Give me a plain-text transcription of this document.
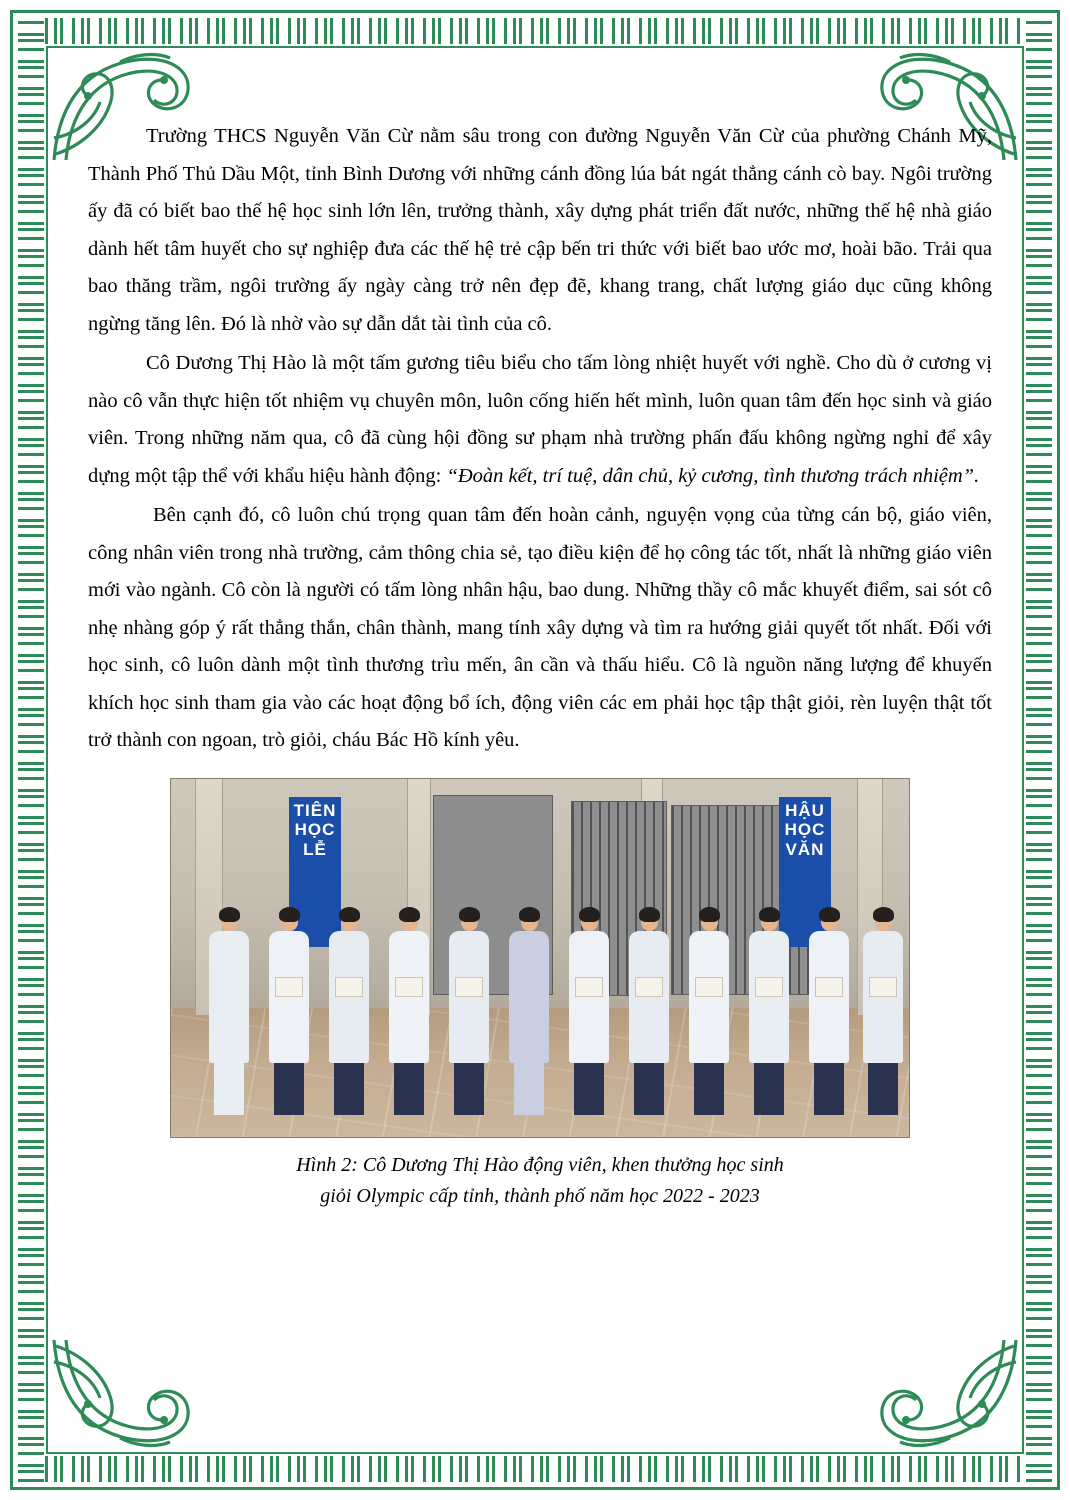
Trường THCS Nguyễn Văn Cừ nằm sâu trong con đường Nguyễn Văn Cừ của phường Chánh Mỹ, Thành Phố Thủ Dầu Một, tỉnh Bình Dương với những cánh đồng lúa bát ngát thẳng cánh cò bay. Ngôi trường ấy đã có biết bao thế hệ học sinh lớn lên, trưởng thành, xây dựng phát triển đất nước, những thế hệ nhà giáo dành hết tâm huyết cho sự nghiệp đưa các thế hệ trẻ cập bến tri thức với biết bao ước mơ, hoài bão. Trải qua bao thăng trầm, ngôi trường ấy ngày càng trở nên đẹp đẽ, khang trang, chất lượng giáo dục cũng không ngừng tăng lên. Đó là nhờ vào sự dẫn dắt tài tình của cô.

Cô Dương Thị Hào là một tấm gương tiêu biểu cho tấm lòng nhiệt huyết với nghề. Cho dù ở cương vị nào cô vẫn thực hiện tốt nhiệm vụ chuyên môn, luôn cống hiến hết mình, luôn quan tâm đến học sinh và giáo viên. Trong những năm qua, cô đã cùng hội đồng sư phạm nhà trường phấn đấu không ngừng nghỉ để xây dựng một tập thể với khẩu hiệu hành động: “Đoàn kết, trí tuệ, dân chủ, kỷ cương, tình thương trách nhiệm”.

Bên cạnh đó, cô luôn chú trọng quan tâm đến hoàn cảnh, nguyện vọng của từng cán bộ, giáo viên, công nhân viên trong nhà trường, cảm thông chia sẻ, tạo điều kiện để họ công tác tốt, nhất là những giáo viên mới vào ngành. Cô còn là người có tấm lòng nhân hậu, bao dung. Những thầy cô mắc khuyết điểm, sai sót cô nhẹ nhàng góp ý rất thẳng thắn, chân thành, mang tính xây dựng và tìm ra hướng giải quyết tốt nhất. Đối với học sinh, cô luôn dành một tình thương trìu mến, ân cần và thấu hiểu. Cô là nguồn năng lượng để khuyến khích học sinh tham gia vào các hoạt động bổ ích, động viên các em phải học tập thật giỏi, rèn luyện thật tốt trở thành con ngoan, trò giỏi, cháu Bác Hồ kính yêu.

TIÊN HỌC LỄ
HẬU HỌC VĂN
Hình 2: Cô Dương Thị Hào động viên, khen thưởng học sinh
giỏi Olympic cấp tỉnh, thành phố năm học 2022 - 2023
